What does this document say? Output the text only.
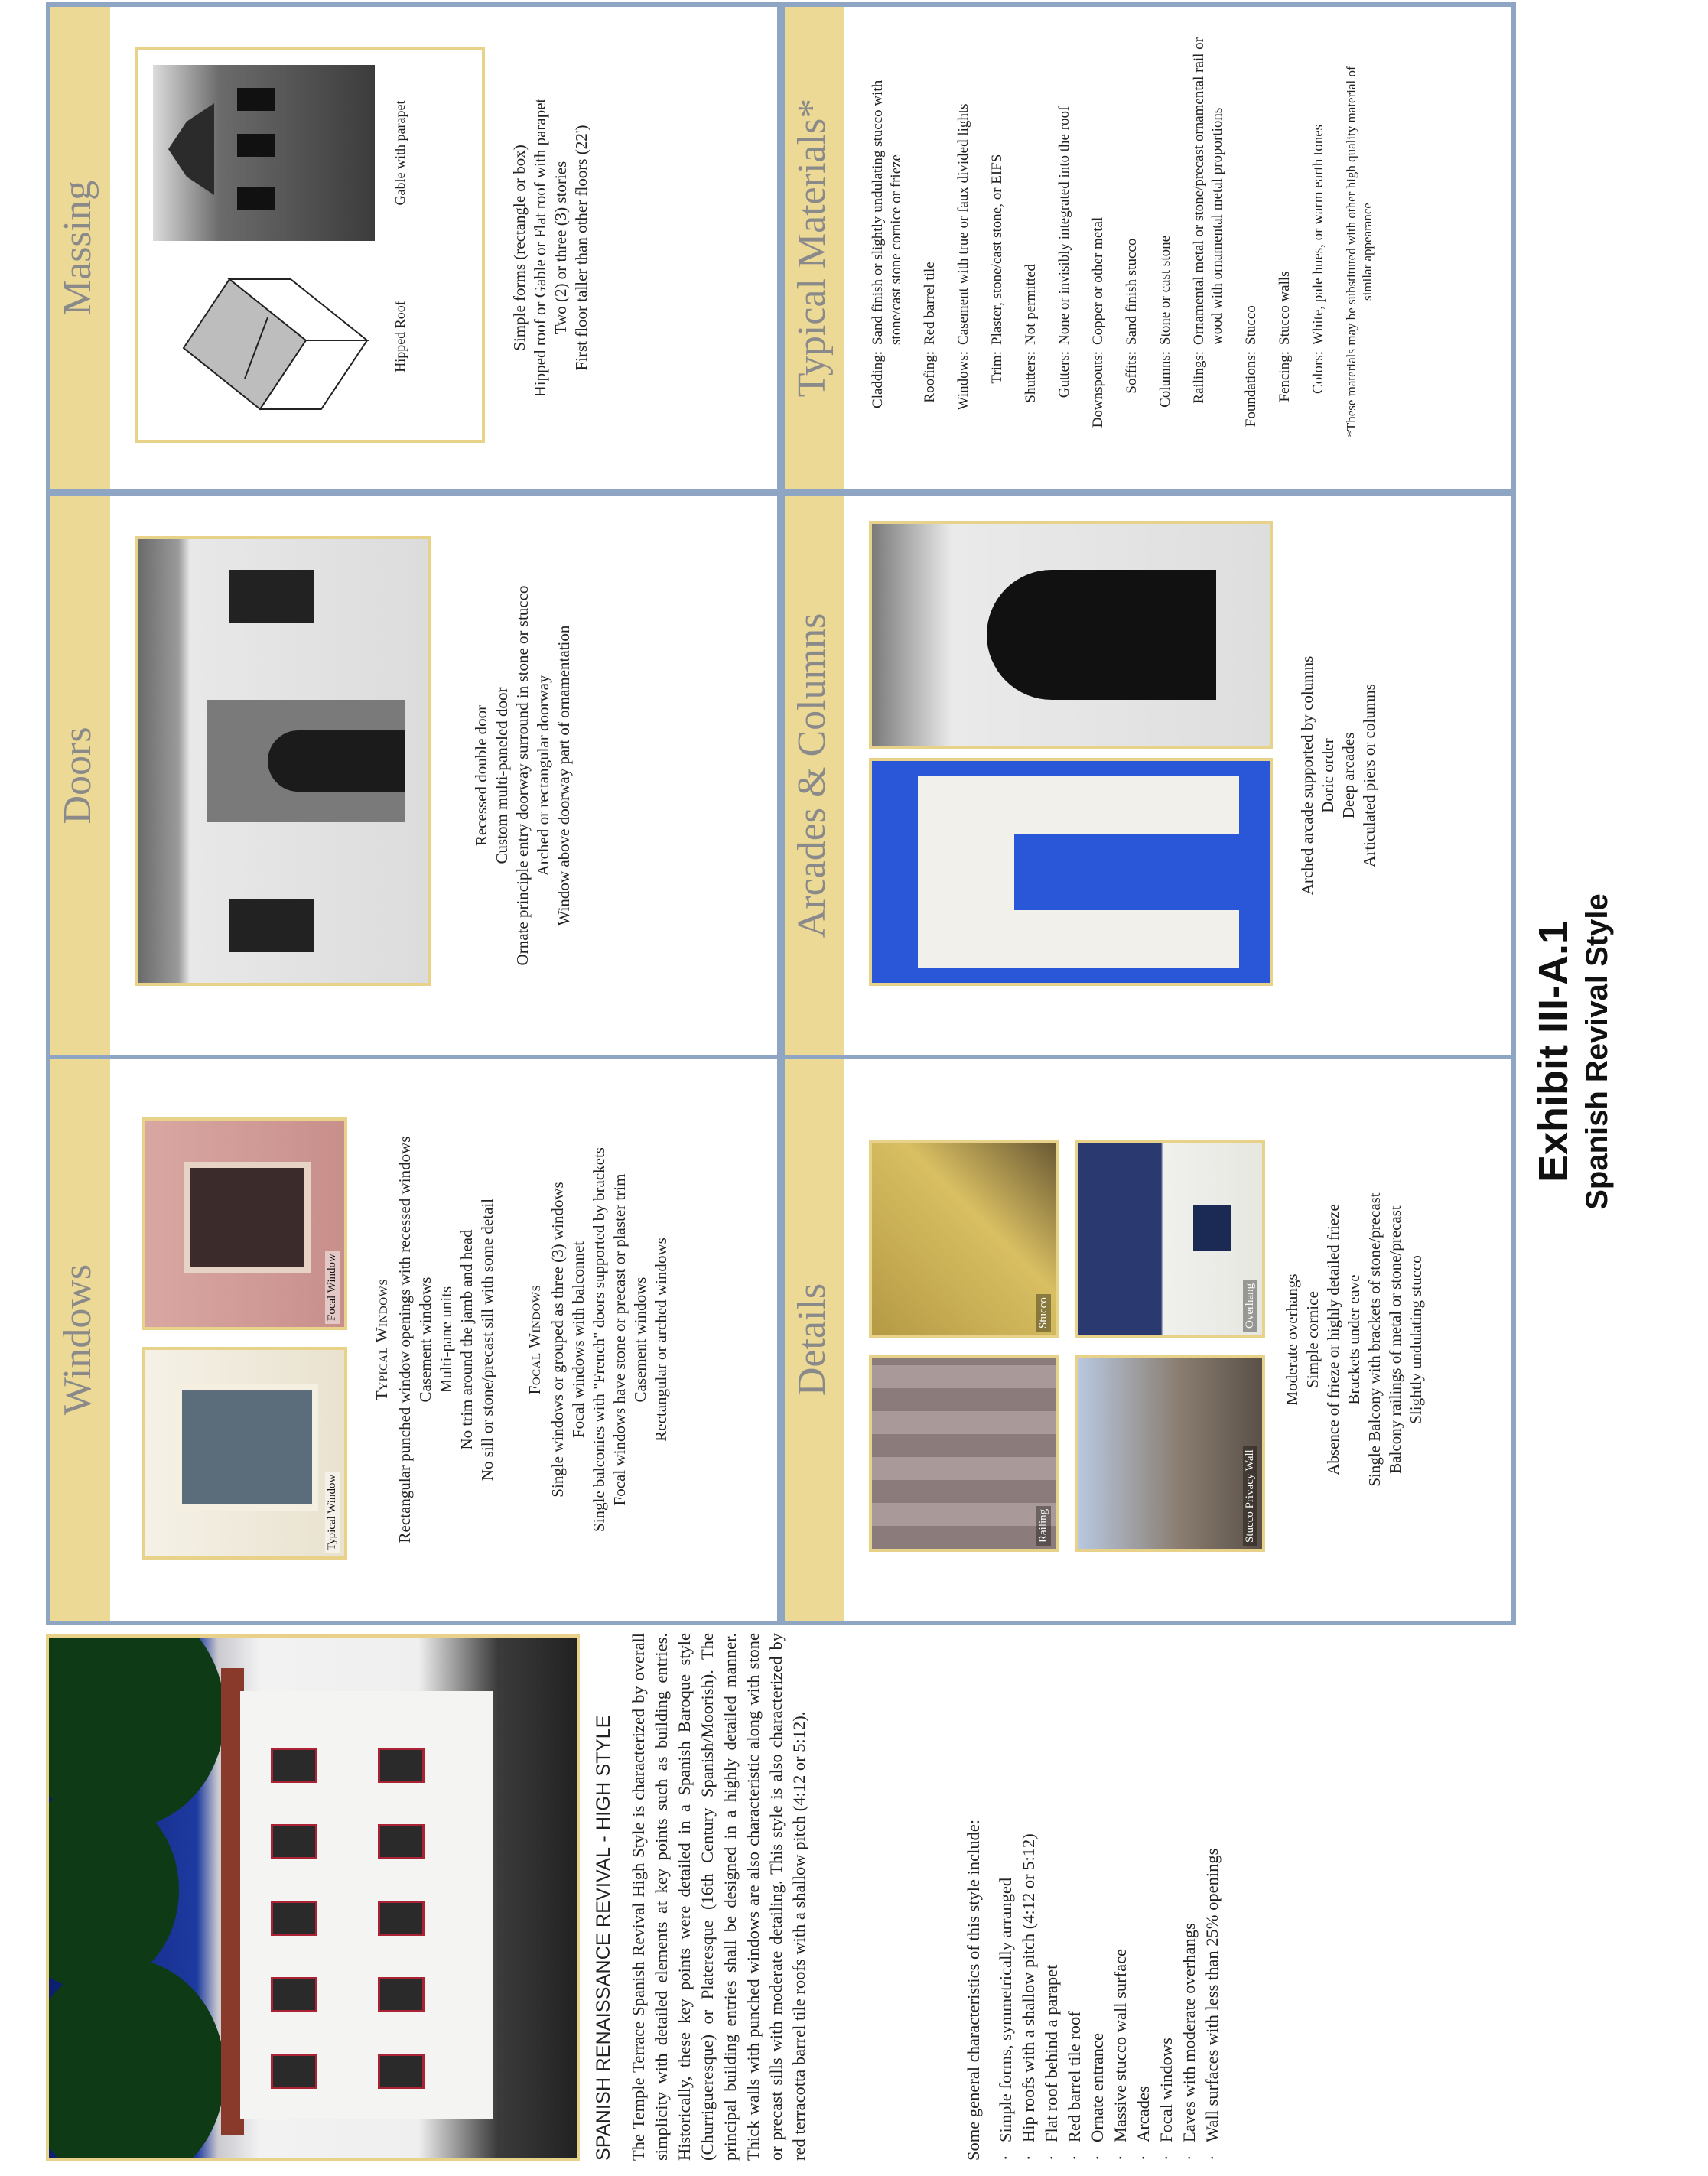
Exhibit III-A.1 Spanish Revival Style
SPANISH RENAISSANCE REVIVAL - HIGH STYLE The Temple Terrace Spanish Revival High Style is characterized by overall simplicity with detailed elements at key points such as building entries. Historically, these key points were detailed in a Spanish Baroque style (Churrigueresque) or Plateresque (16th Century Spanish/Moorish). The principal building entries shall be designed in a highly detailed manner. Thick walls with punched windows are also characteristic along with stone or precast sills with moderate detailing. This style is also characterized by red terracotta barrel tile roofs with a shallow pitch (4:12 or 5:12).	Some general characteristics of this style include: · Simple forms, symmetrically arranged · Hip roofs with a shallow pitch (4:12 or 5:12) · Flat roof behind a parapet · Red barrel tile roof · Ornate entrance · Massive stucco wall surface · Arcades · Focal windows · Eaves with moderate overhangs · Wall surfaces with less than 25% openings
Windows
Typical Window
Focal Window Typical Windows Rectangular punched window openings with recessed windows Casement windows Multi-pane units No trim around the jamb and head No sill or stone/precast sill with some detail Focal Windows Single windows or grouped as three (3) windows Focal windows with balconnet Single balconies with "French" doors supported by brackets Focal windows have stone or precast or plaster trim Casement windows Rectangular or arched windows
Doors	Recessed double door Custom multi-paneled door Ornate principle entry doorway surround in stone or stucco Arched or rectangular doorway Window above doorway part of ornamentation
Massing
Hipped Roof
Gable with parapet	Simple forms (rectangle or box) Hipped roof or Gable or Flat roof with parapet Two (2) or three (3) stories First floor taller than other floors (22')
Details
Railing
Stucco
Stucco Privacy Wall
Overhang Moderate overhangs Simple cornice Absence of frieze or highly detailed frieze Brackets under eave Single Balcony with brackets of stone/precast Balcony railings of metal or stone/precast Slightly undulating stucco
Arcades & Columns	Arched arcade supported by columns Doric order Deep arcades Articulated piers or columns
Typical Materials* Cladding:
Sand finish or slightly undulating stucco with stone/cast stone cornice or frieze
Roofing:
Red barrel tile
Windows:
Casement with true or faux divided lights
Trim:
Plaster, stone/cast stone, or EIFS
Shutters:
Not permitted
Gutters:
None or invisibly integrated into the roof
Downspouts:
Copper or other metal
Soffits:
Sand finish stucco
Columns:
Stone or cast stone
Railings:
Ornamental metal or stone/precast ornamental rail or wood with ornamental metal proportions
Foundations:
Stucco
Fencing:
Stucco walls
Colors:
White, pale hues, or warm earth tones *These materials may be substituted with other high quality material of similar appearance
